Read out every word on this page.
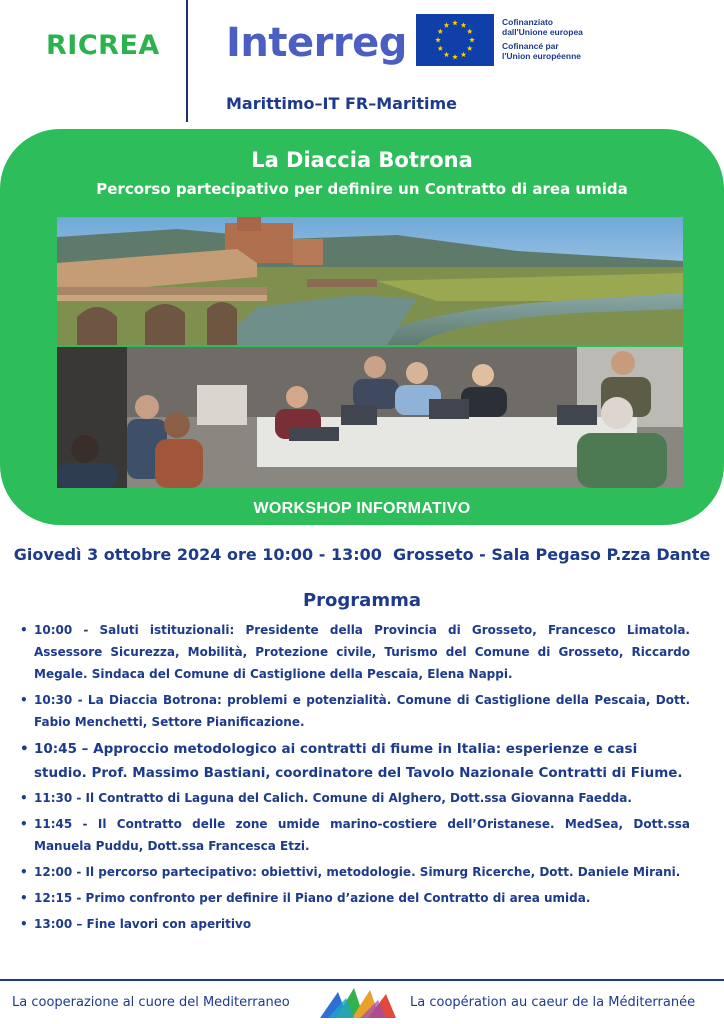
RICREA Interreg
Marittimo–IT FR–Maritime
Cofinanziato
dall'Unione europea
Cofinancé par
l'Union européenne
La Diaccia Botrona
Percorso partecipativo per definire un Contratto di area umida
WORKSHOP INFORMATIVO
Giovedì 3 ottobre 2024 ore 10:00 - 13:00  Grosseto - Sala Pegaso P.zza Dante
Programma
• 10:00 - Saluti istituzionali: Presidente della Provincia di Grosseto, Francesco Limatola. Assessore Sicurezza, Mobilità, Protezione civile, Turismo del Comune di Grosseto, Riccardo Megale. Sindaca del Comune di Castiglione della Pescaia, Elena Nappi.
• 10:30 - La Diaccia Botrona: problemi e potenzialità. Comune di Castiglione della Pescaia, Dott. Fabio Menchetti, Settore Pianificazione.
• 10:45 – Approccio metodologico ai contratti di fiume in Italia: esperienze e casi studio. Prof. Massimo Bastiani, coordinatore del Tavolo Nazionale Contratti di Fiume.
• 11:30 - Il Contratto di Laguna del Calich. Comune di Alghero, Dott.ssa Giovanna Faedda.
• 11:45 - Il Contratto delle zone umide marino-costiere dell’Oristanese. MedSea, Dott.ssa Manuela Puddu, Dott.ssa Francesca Etzi.
• 12:00 - Il percorso partecipativo: obiettivi, metodologie. Simurg Ricerche, Dott. Daniele Mirani.
• 12:15 - Primo confronto per definire il Piano d’azione del Contratto di area umida.
• 13:00 – Fine lavori con aperitivo
La cooperazione al cuore del Mediterraneo	La coopération au caeur de la Méditerranée
